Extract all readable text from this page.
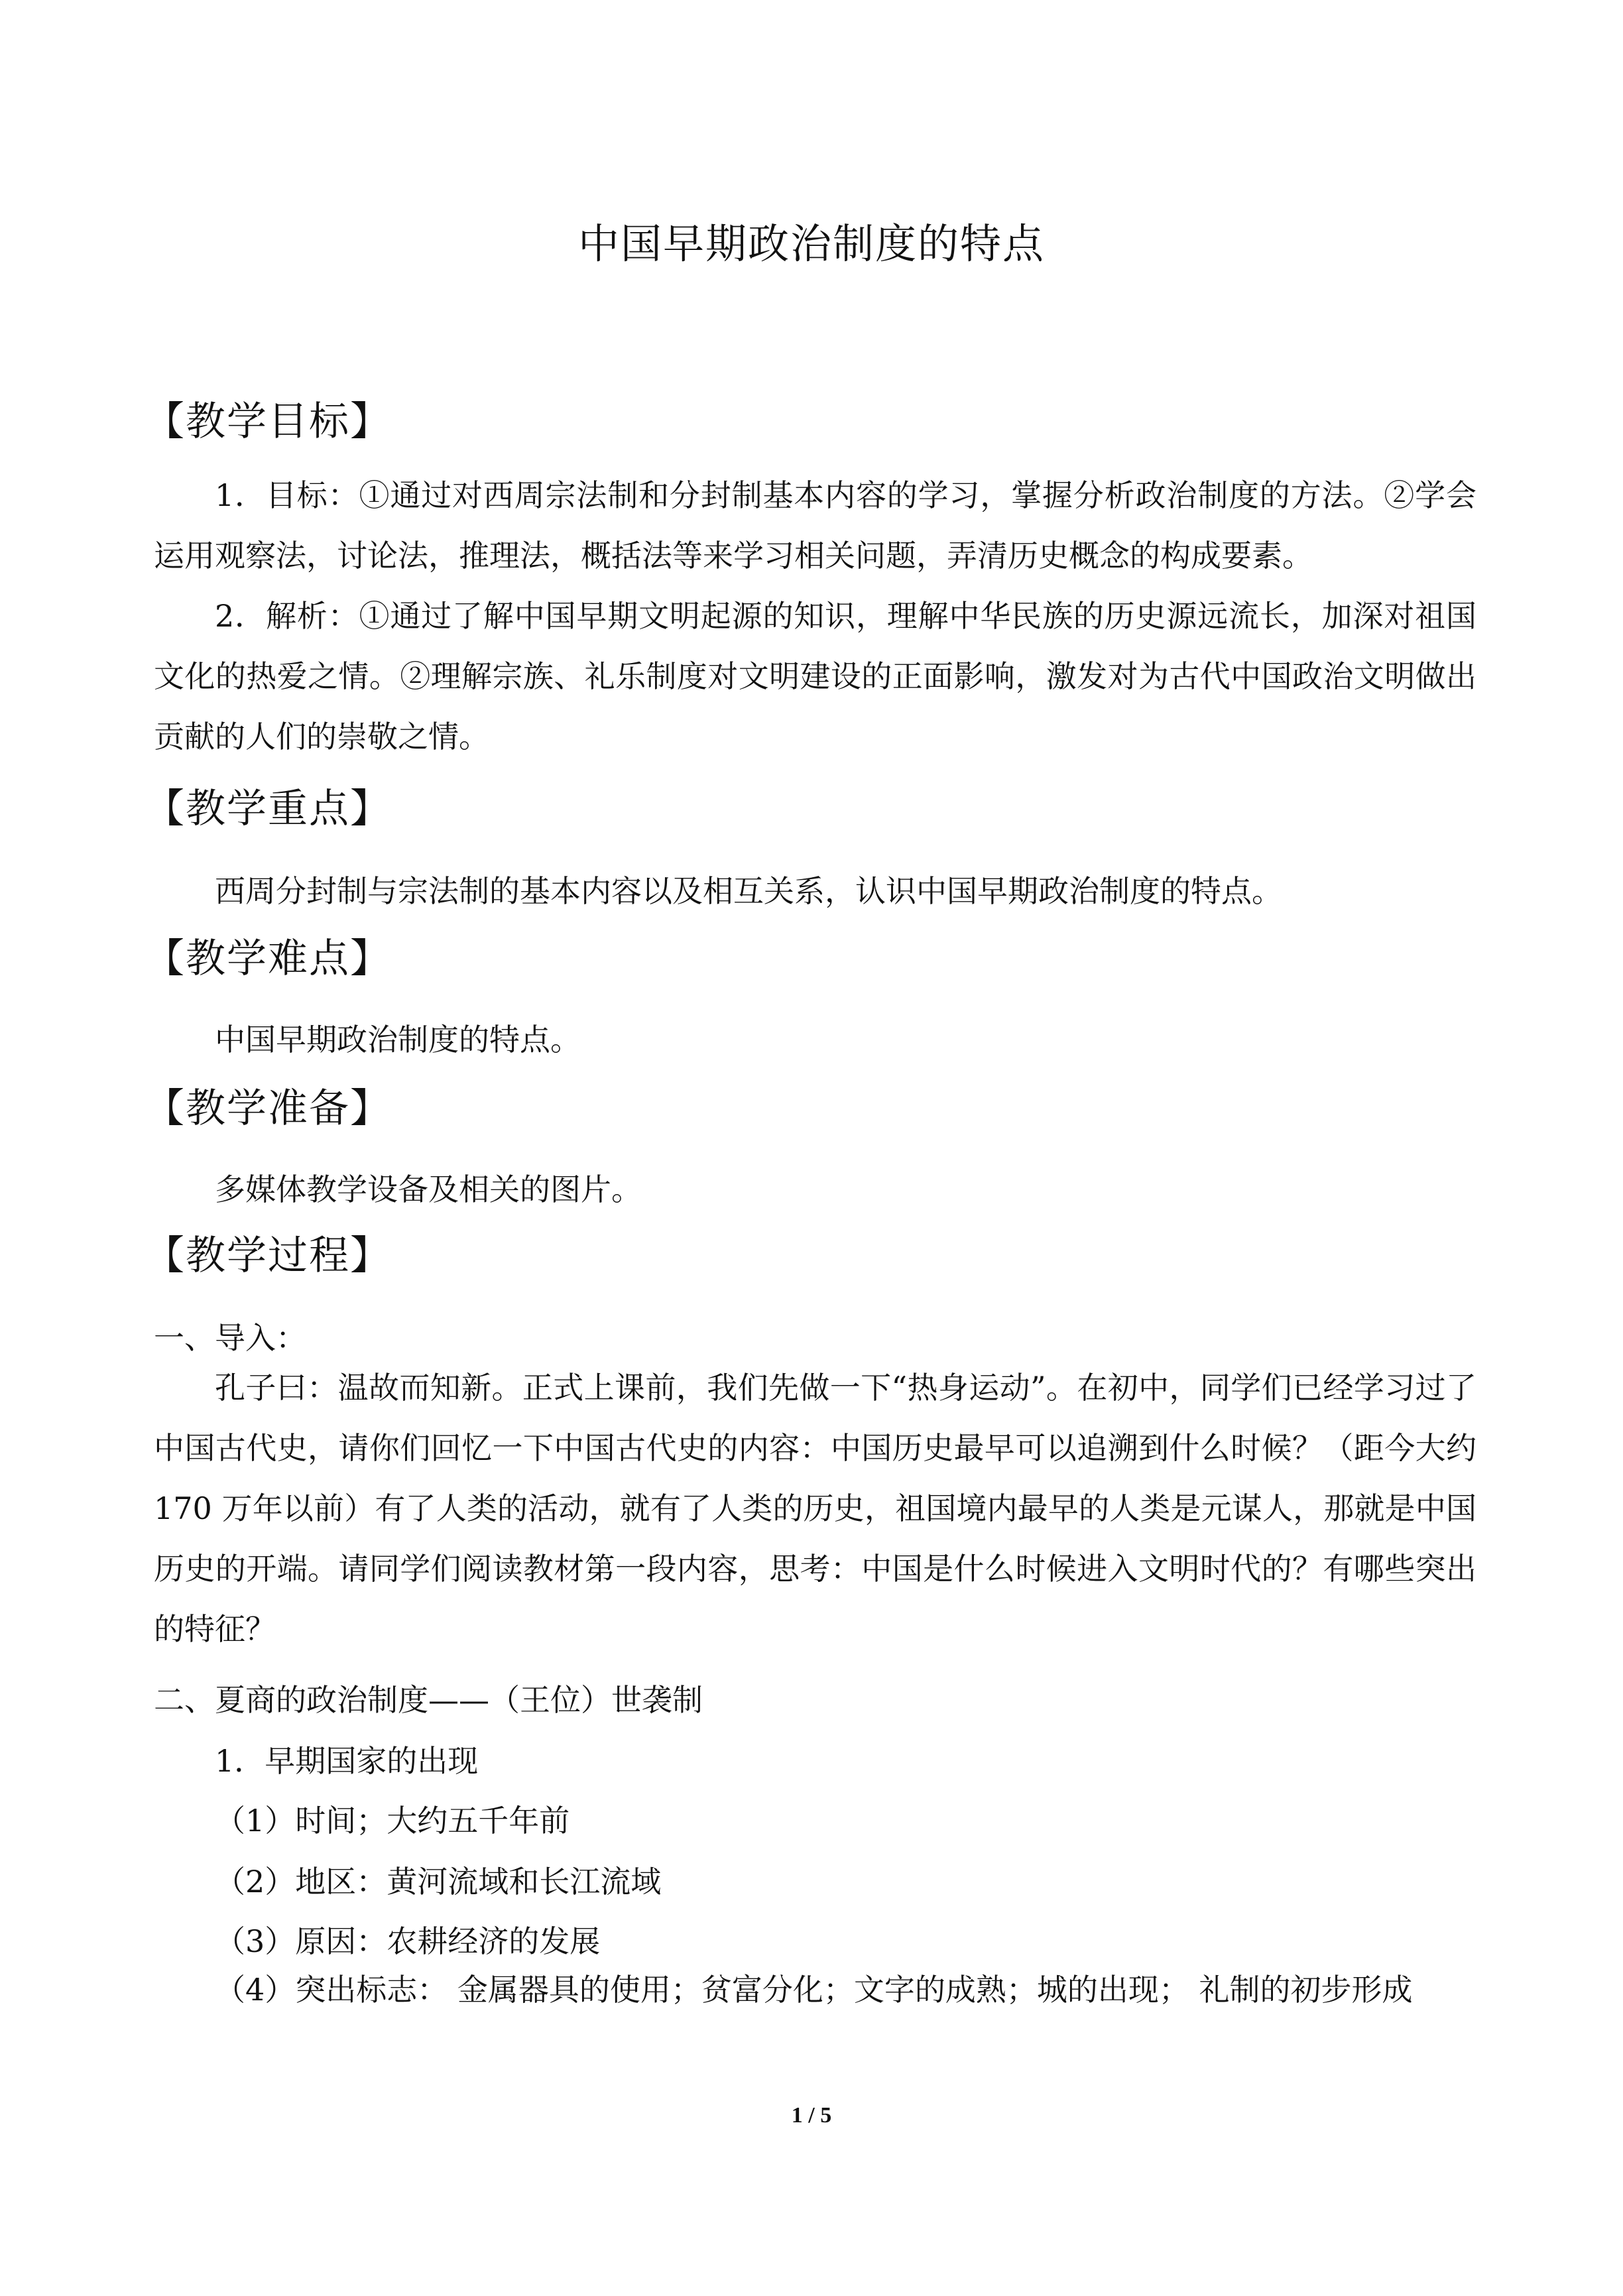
中国早期政治制度的特点
【教学目标】
1．目标：①通过对西周宗法制和分封制基本内容的学习，掌握分析政治制度的方法。②学会运用观察法，讨论法，推理法，概括法等来学习相关问题，弄清历史概念的构成要素。
2．解析：①通过了解中国早期文明起源的知识，理解中华民族的历史源远流长，加深对祖国文化的热爱之情。②理解宗族、礼乐制度对文明建设的正面影响，激发对为古代中国政治文明做出贡献的人们的崇敬之情。
【教学重点】
西周分封制与宗法制的基本内容以及相互关系，认识中国早期政治制度的特点。
【教学难点】
中国早期政治制度的特点。
【教学准备】
多媒体教学设备及相关的图片。
【教学过程】
一、导入：
孔子曰：温故而知新。正式上课前，我们先做一下“热身运动”。在初中，同学们已经学习过了中国古代史，请你们回忆一下中国古代史的内容：中国历史最早可以追溯到什么时候？（距今大约 170 万年以前）有了人类的活动，就有了人类的历史，祖国境内最早的人类是元谋人，那就是中国历史的开端。请同学们阅读教材第一段内容，思考：中国是什么时候进入文明时代的？有哪些突出的特征？
二、夏商的政治制度——（王位）世袭制
1．早期国家的出现
（1）时间；大约五千年前
（2）地区：黄河流域和长江流域
（3）原因：农耕经济的发展
（4）突出标志： 金属器具的使用；贫富分化；文字的成熟；城的出现； 礼制的初步形成
1 / 5
